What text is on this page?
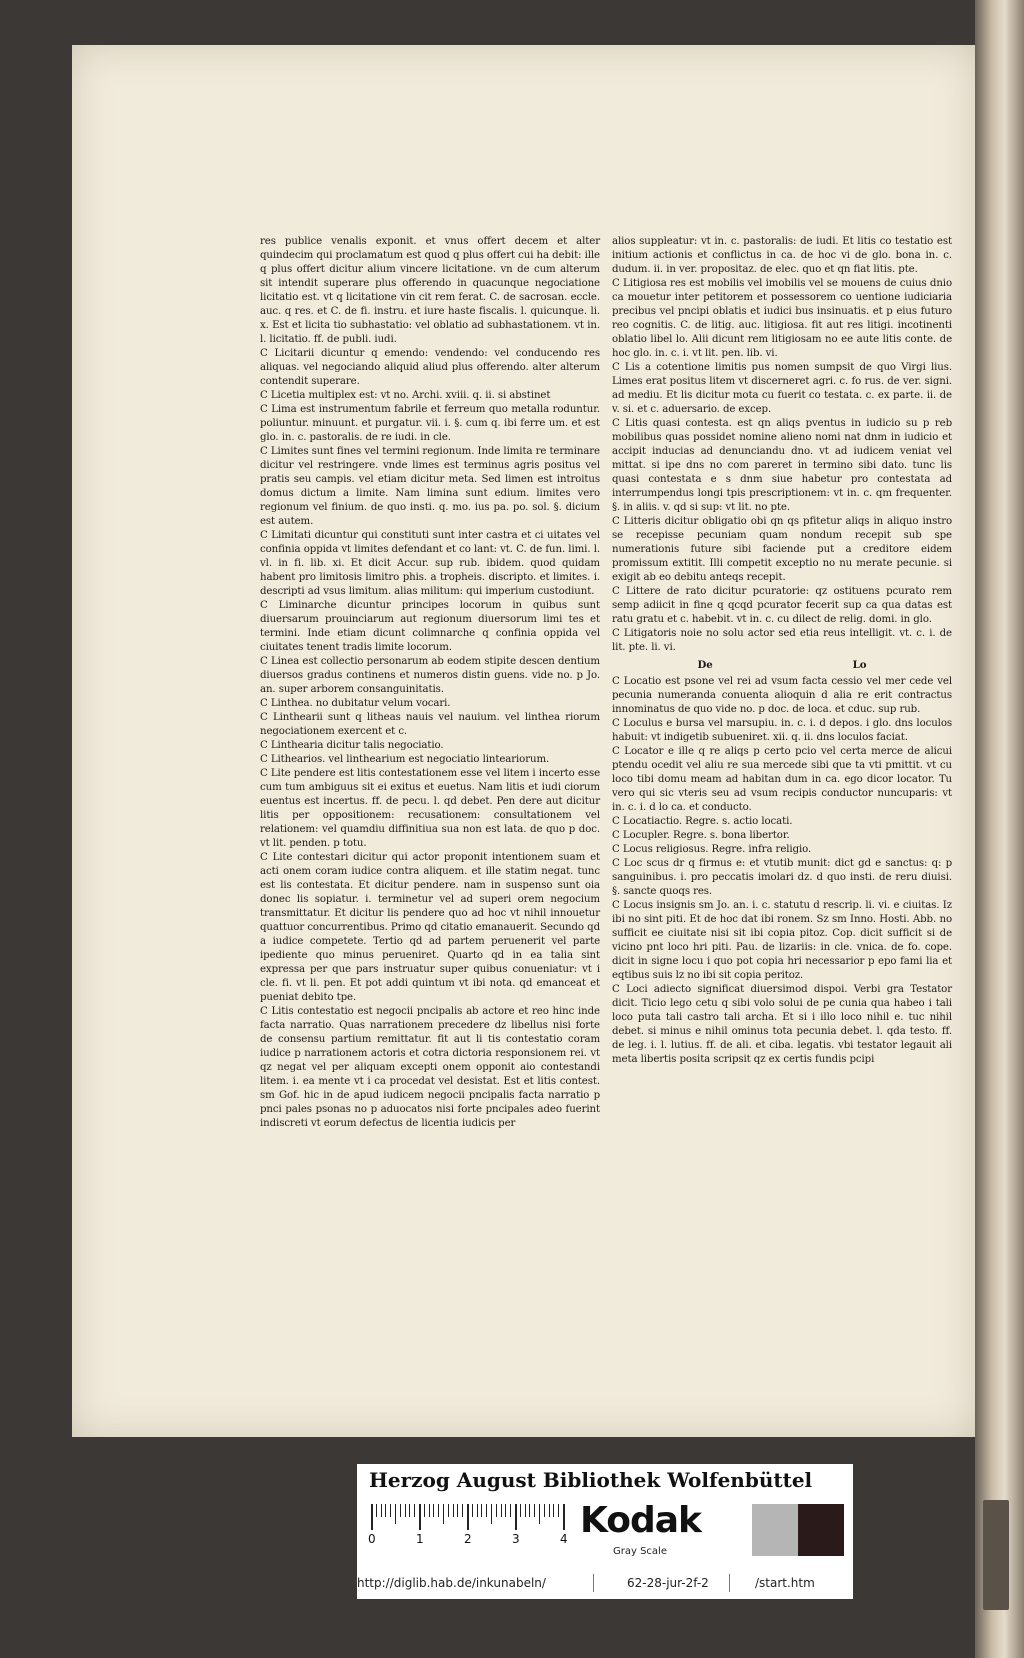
res publice venalis exponit. et vnus offert decem et alter quindecim qui proclamatum est quod q plus offert cui ha debit: ille q plus offert dicitur alium vincere licitatione. vn de cum alterum sit intendit superare plus offerendo in quacunque negociatione licitatio est. vt q licitatione vin cit rem ferat. C. de sacrosan. eccle. auc. q res. et C. de fi. instru. et iure haste fiscalis. l. quicunque. li. x. Est et licita tio subhastatio: vel oblatio ad subhastationem. vt in. l. licitatio. ff. de publi. iudi.

C Licitarii dicuntur q emendo: vendendo: vel conducendo res aliquas. vel negociando aliquid aliud plus offerendo. alter alterum contendit superare.

C Licetia multiplex est: vt no. Archi. xviii. q. ii. si abstinet

C Lima est instrumentum fabrile et ferreum quo metalla roduntur. poliuntur. minuunt. et purgatur. vii. i. §. cum q. ibi ferre um. et est glo. in. c. pastoralis. de re iudi. in cle.

C Limites sunt fines vel termini regionum. Inde limita re terminare dicitur vel restringere. vnde limes est terminus agris positus vel pratis seu campis. vel etiam dicitur meta. Sed limen est introitus domus dictum a limite. Nam limina sunt edium. limites vero regionum vel finium. de quo insti. q. mo. ius pa. po. sol. §. dicium est autem.

C Limitati dicuntur qui constituti sunt inter castra et ci uitates vel confinia oppida vt limites defendant et co lant: vt. C. de fun. limi. l. vl. in fi. lib. xi. Et dicit Accur. sup rub. ibidem. quod quidam habent pro limitosis limitro phis. a tropheis. discripto. et limites. i. descripti ad vsus limitum. alias militum: qui imperium custodiunt.

C Liminarche dicuntur principes locorum in quibus sunt diuersarum prouinciarum aut regionum diuersorum limi tes et termini. Inde etiam dicunt colimnarche q confinia oppida vel ciuitates tenent tradis limite locorum.

C Linea est collectio personarum ab eodem stipite descen dentium diuersos gradus continens et numeros distin guens. vide no. p Jo. an. super arborem consanguinitatis.

C Linthea. no dubitatur velum vocari.

C Linthearii sunt q litheas nauis vel nauium. vel linthea riorum negociationem exercent et c.

C Linthearia dicitur talis negociatio.

C Lithearios. vel linthearium est negociatio linteariorum.

C Lite pendere est litis contestationem esse vel litem i incerto esse cum tum ambiguus sit ei exitus et euetus. Nam litis et iudi ciorum euentus est incertus. ff. de pecu. l. qd debet. Pen dere aut dicitur litis per oppositionem: recusationem: consultationem vel relationem: vel quamdiu diffinitiua sua non est lata. de quo p doc. vt lit. penden. p totu.

C Lite contestari dicitur qui actor proponit intentionem suam et acti onem coram iudice contra aliquem. et ille statim negat. tunc est lis contestata. Et dicitur pendere. nam in suspenso sunt oia donec lis sopiatur. i. terminetur vel ad superi orem negocium transmittatur. Et dicitur lis pendere quo ad hoc vt nihil innouetur quattuor concurrentibus. Primo qd citatio emanauerit. Secundo qd a iudice competete. Tertio qd ad partem peruenerit vel parte ipediente quo minus perueniret. Quarto qd in ea talia sint expressa per que pars instruatur super quibus conueniatur: vt i cle. fi. vt li. pen. Et pot addi quintum vt ibi nota. qd emanceat et pueniat debito tpe.

C Litis contestatio est negocii pncipalis ab actore et reo hinc inde facta narratio. Quas narrationem precedere dz libellus nisi forte de consensu partium remittatur. fit aut li tis contestatio coram iudice p narrationem actoris et cotra dictoria responsionem rei. vt qz negat vel per aliquam excepti onem opponit aio contestandi litem. i. ea mente vt i ca procedat vel desistat. Est et litis contest. sm Gof. hic in de apud iudicem negocii pncipalis facta narratio p pnci pales psonas no p aduocatos nisi forte pncipales adeo fuerint indiscreti vt eorum defectus de licentia iudicis per

alios suppleatur: vt in. c. pastoralis: de iudi. Et litis co testatio est initium actionis et conflictus in ca. de hoc vi de glo. bona in. c. dudum. ii. in ver. propositaz. de elec. quo et qn fiat litis. pte.

C Litigiosa res est mobilis vel imobilis vel se mouens de cuius dnio ca mouetur inter petitorem et possessorem co uentione iudiciaria precibus vel pncipi oblatis et iudici bus insinuatis. et p eius futuro reo cognitis. C. de litig. auc. litigiosa. fit aut res litigi. incotinenti oblatio libel lo. Alii dicunt rem litigiosam no ee aute litis conte. de hoc glo. in. c. i. vt lit. pen. lib. vi.

C Lis a cotentione limitis pus nomen sumpsit de quo Virgi lius. Limes erat positus litem vt discerneret agri. c. fo rus. de ver. signi. ad mediu. Et lis dicitur mota cu fuerit co testata. c. ex parte. ii. de v. si. et c. aduersario. de excep.

C Litis quasi contesta. est qn aliqs pventus in iudicio su p reb mobilibus quas possidet nomine alieno nomi nat dnm in iudicio et accipit inducias ad denunciandu dno. vt ad iudicem veniat vel mittat. si ipe dns no com pareret in termino sibi dato. tunc lis quasi contestata e s dnm siue habetur pro contestata ad interrumpendus longi tpis prescriptionem: vt in. c. qm frequenter. §. in aliis. v. qd si sup: vt lit. no pte.

C Litteris dicitur obligatio obi qn qs pfitetur aliqs in aliquo instro se recepisse pecuniam quam nondum recepit sub spe numerationis future sibi faciende put a creditore eidem promissum extitit. Illi competit exceptio no nu merate pecunie. si exigit ab eo debitu anteqs recepit.

C Littere de rato dicitur pcuratorie: qz ostituens pcurato rem semp adiicit in fine q qcqd pcurator fecerit sup ca qua datas est ratu gratu et c. habebit. vt in. c. cu dilect de relig. domi. in glo.

C Litigatoris noie no solu actor sed etia reus intelligit. vt. c. i. de lit. pte. li. vi.

De	Lo

C Locatio est psone vel rei ad vsum facta cessio vel mer cede vel pecunia numeranda conuenta alioquin d alia re erit contractus innominatus de quo vide no. p doc. de loca. et cduc. sup rub.

C Loculus e bursa vel marsupiu. in. c. i. d depos. i glo. dns loculos habuit: vt indigetib subueniret. xii. q. ii. dns loculos faciat.

C Locator e ille q re aliqs p certo pcio vel certa merce de alicui ptendu ocedit vel aliu re sua mercede sibi que ta vti pmittit. vt cu loco tibi domu meam ad habitan dum in ca. ego dicor locator. Tu vero qui sic vteris seu ad vsum recipis conductor nuncuparis: vt in. c. i. d lo ca. et conducto.

C Locatiactio. Regre. s. actio locati.

C Locupler. Regre. s. bona libertor.

C Locus religiosus. Regre. infra religio.

C Loc scus dr q firmus e: et vtutib munit: dict gd e sanctus: q: p sanguinibus. i. pro peccatis imolari dz. d quo insti. de reru diuisi. §. sancte quoqs res.

C Locus insignis sm Jo. an. i. c. statutu d rescrip. li. vi. e ciuitas. Iz ibi no sint piti. Et de hoc dat ibi ronem. Sz sm Inno. Hosti. Abb. no sufficit ee ciuitate nisi sit ibi copia pitoz. Cop. dicit sufficit si de vicino pnt loco hri piti. Pau. de lizariis: in cle. vnica. de fo. cope. dicit in signe locu i quo pot copia hri necessarior p epo fami lia et eqtibus suis lz no ibi sit copia peritoz.

C Loci adiecto significat diuersimod dispoi. Verbi gra Testator dicit. Ticio lego cetu q sibi volo solui de pe cunia qua habeo i tali loco puta tali castro tali archa. Et si i illo loco nihil e. tuc nihil debet. si minus e nihil ominus tota pecunia debet. l. qda testo. ff. de leg. i. l. lutius. ff. de ali. et ciba. legatis. vbi testator legauit ali meta libertis posita scripsit qz ex certis fundis pcipi

Herzog August Bibliothek Wolfenbüttel
0	1	2	3	4 Kodak
Gray Scale
http://diglib.hab.de/inkunabeln/	62-28-jur-2f-2	/start.htm
